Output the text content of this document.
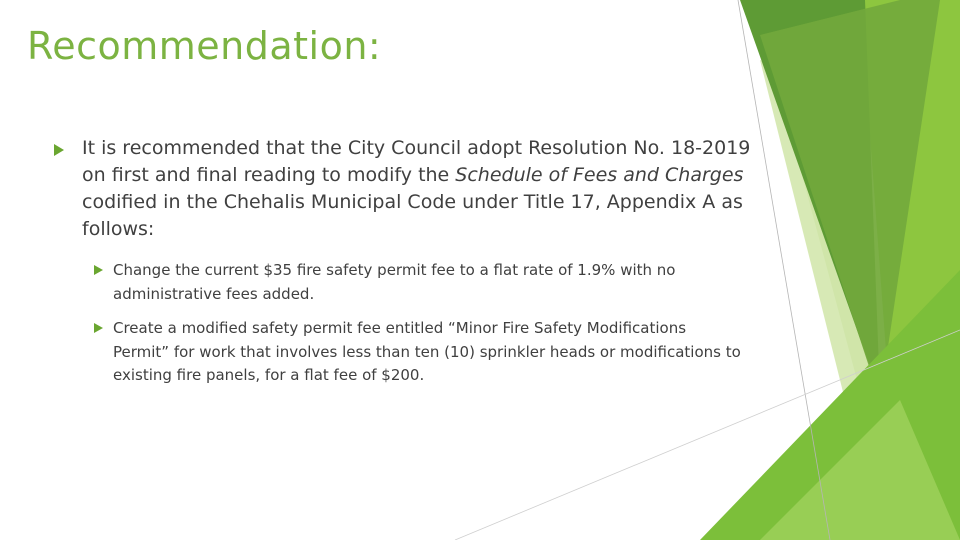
Recommendation:
It is recommended that the City Council adopt Resolution No. 18-2019 on first and final reading to modify the Schedule of Fees and Charges codified in the Chehalis Municipal Code under Title 17, Appendix A as follows:
Change the current $35 fire safety permit fee to a flat rate of 1.9% with no administrative fees added.
Create a modified safety permit fee entitled “Minor Fire Safety Modifications Permit” for work that involves less than ten (10) sprinkler heads or modifications to existing fire panels, for a flat fee of $200.
